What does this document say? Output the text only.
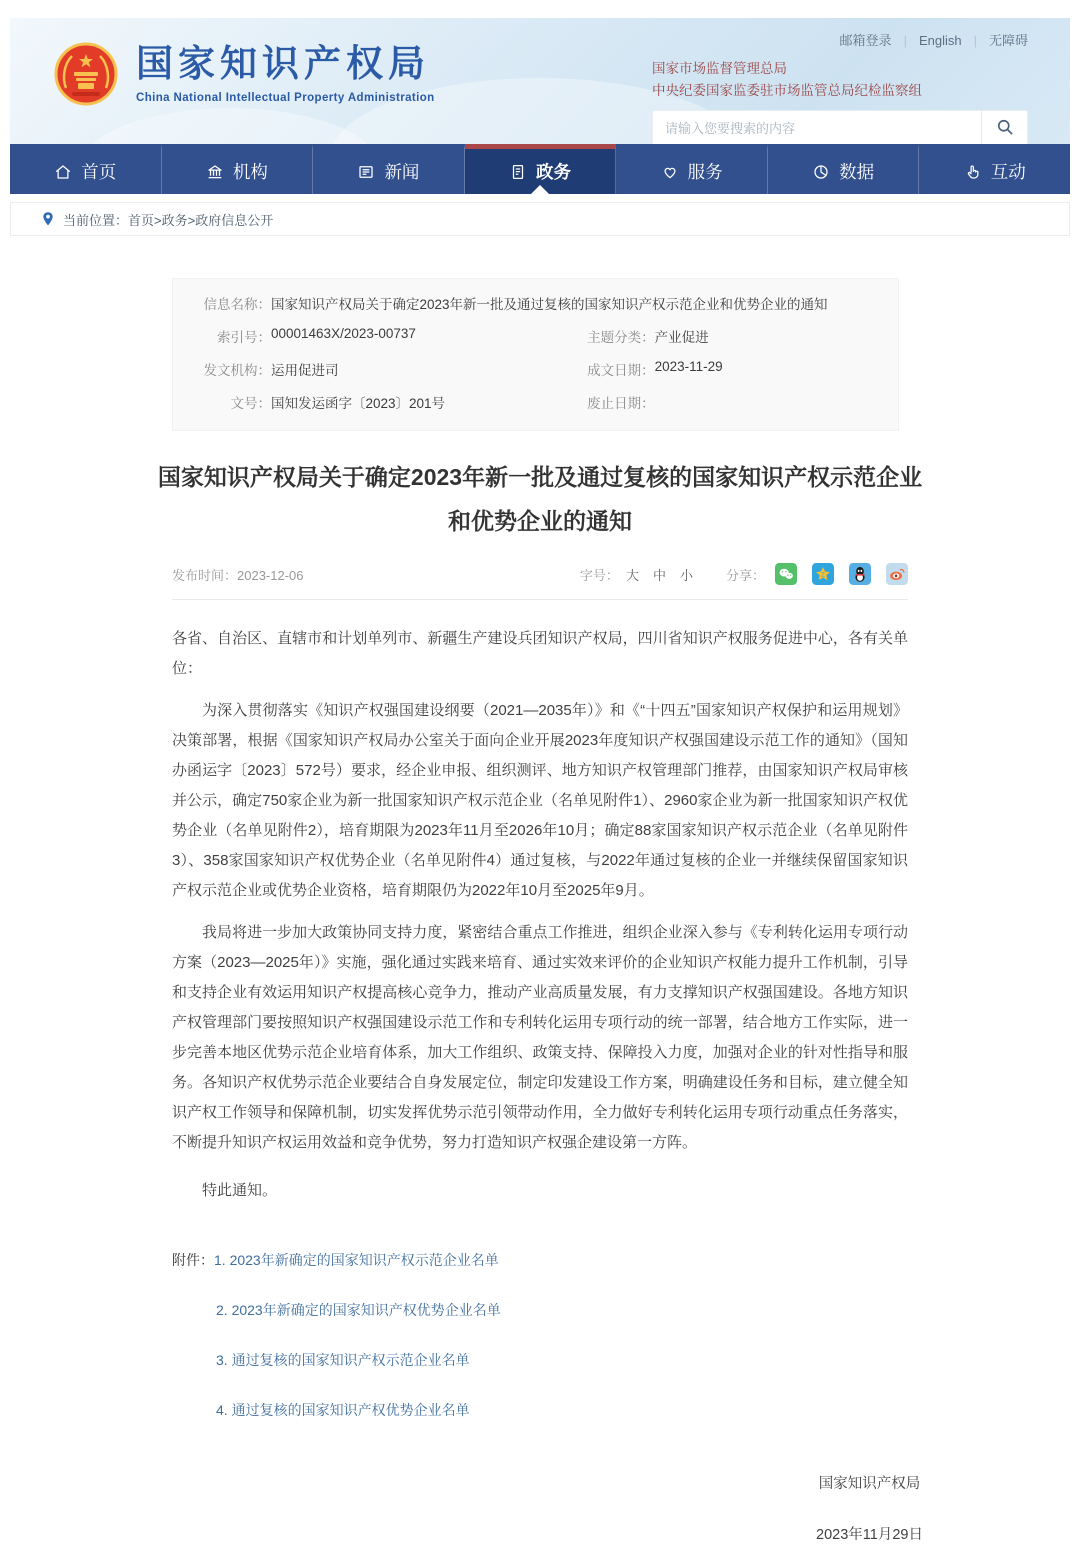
国家知识产权局
China National Intellectual Property Administration
邮箱登录 | English | 无障碍
国家市场监督管理总局
中央纪委国家监委驻市场监管总局纪检监察组
请输入您要搜索的内容
首页	机构	新闻	政务	服务	数据	互动
当前位置： 首页>政务>政府信息公开
信息名称： 国家知识产权局关于确定2023年新一批及通过复核的国家知识产权示范企业和优势企业的通知
索引号： 00001463X/2023-00737	主题分类： 产业促进
发文机构： 运用促进司	成文日期： 2023-11-29
文号： 国知发运函字〔2023〕201号	废止日期：
国家知识产权局关于确定2023年新一批及通过复核的国家知识产权示范企业
和优势企业的通知
发布时间：2023-12-06	字号： 大 中 小	分享：	Z

各省、自治区、直辖市和计划单列市、新疆生产建设兵团知识产权局，四川省知识产权服务促进中心，各有关单位：

为深入贯彻落实《知识产权强国建设纲要（2021—2035年）》和《“十四五”国家知识产权保护和运用规划》决策部署，根据《国家知识产权局办公室关于面向企业开展2023年度知识产权强国建设示范工作的通知》（国知办函运字〔2023〕572号）要求，经企业申报、组织测评、地方知识产权管理部门推荐，由国家知识产权局审核并公示，确定750家企业为新一批国家知识产权示范企业（名单见附件1）、2960家企业为新一批国家知识产权优势企业（名单见附件2），培育期限为2023年11月至2026年10月；确定88家国家知识产权示范企业（名单见附件3）、358家国家知识产权优势企业（名单见附件4）通过复核，与2022年通过复核的企业一并继续保留国家知识产权示范企业或优势企业资格，培育期限仍为2022年10月至2025年9月。

我局将进一步加大政策协同支持力度，紧密结合重点工作推进，组织企业深入参与《专利转化运用专项行动方案（2023—2025年）》实施，强化通过实践来培育、通过实效来评价的企业知识产权能力提升工作机制，引导和支持企业有效运用知识产权提高核心竞争力，推动产业高质量发展，有力支撑知识产权强国建设。各地方知识产权管理部门要按照知识产权强国建设示范工作和专利转化运用专项行动的统一部署，结合地方工作实际，进一步完善本地区优势示范企业培育体系，加大工作组织、政策支持、保障投入力度，加强对企业的针对性指导和服务。各知识产权优势示范企业要结合自身发展定位，制定印发建设工作方案，明确建设任务和目标，建立健全知识产权工作领导和保障机制，切实发挥优势示范引领带动作用，全力做好专利转化运用专项行动重点任务落实，不断提升知识产权运用效益和竞争优势，努力打造知识产权强企建设第一方阵。

特此通知。

附件： 1. 2023年新确定的国家知识产权示范企业名单
2. 2023年新确定的国家知识产权优势企业名单
3. 通过复核的国家知识产权示范企业名单
4. 通过复核的国家知识产权优势企业名单
国家知识产权局
2023年11月29日
